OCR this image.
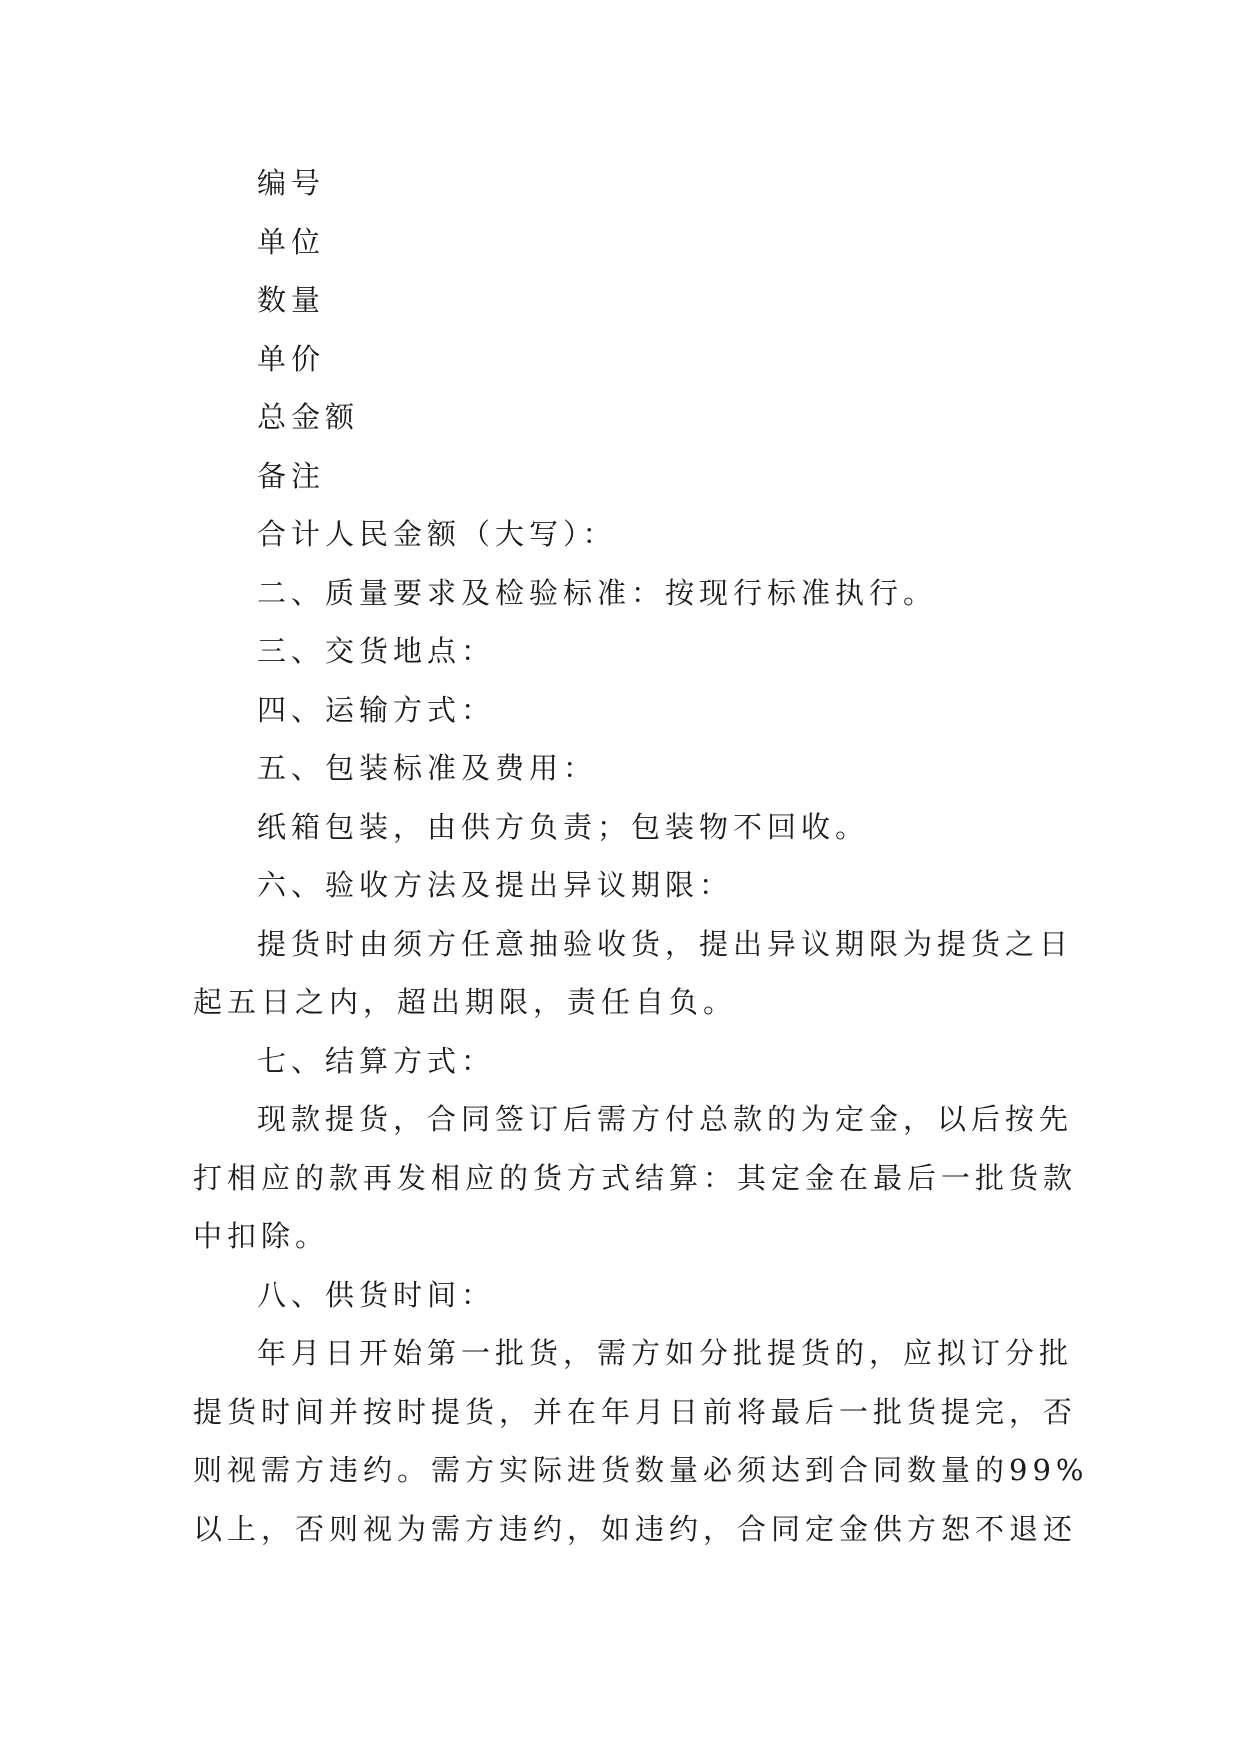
编号
单位
数量
单价
总金额
备注
合计人民金额（大写）：
二、质量要求及检验标准：按现行标准执行。
三、交货地点：
四、运输方式：
五、包装标准及费用：
纸箱包装，由供方负责；包装物不回收。
六、验收方法及提出异议期限：
提货时由须方任意抽验收货，提出异议期限为提货之日
起五日之内，超出期限，责任自负。
七、结算方式：
现款提货，合同签订后需方付总款的为定金，以后按先
打相应的款再发相应的货方式结算：其定金在最后一批货款
中扣除。
八、供货时间：
年月日开始第一批货，需方如分批提货的，应拟订分批
提货时间并按时提货，并在年月日前将最后一批货提完，否
则视需方违约。需方实际进货数量必须达到合同数量的99%
以上，否则视为需方违约，如违约，合同定金供方恕不退还
